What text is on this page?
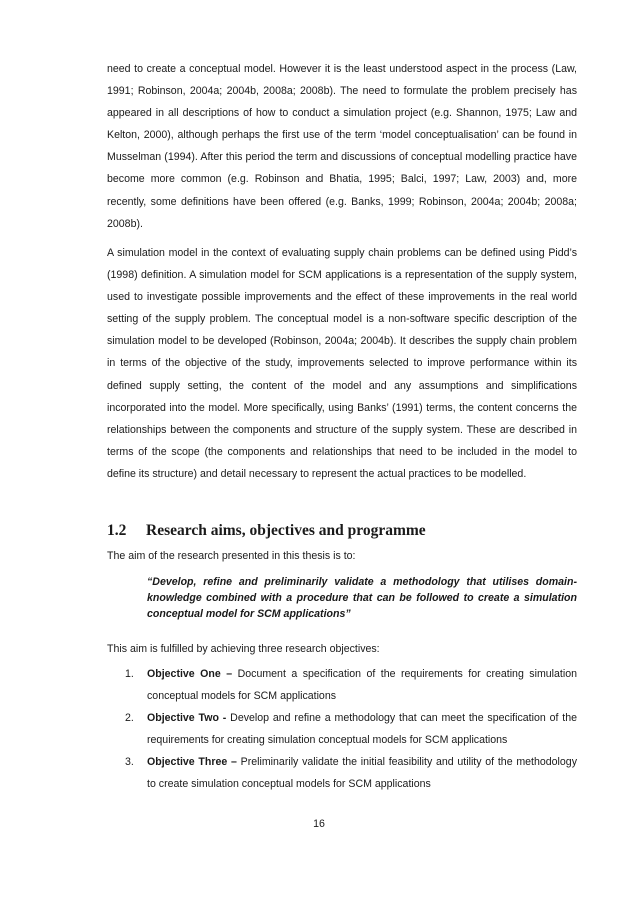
need to create a conceptual model. However it is the least understood aspect in the process (Law, 1991; Robinson, 2004a; 2004b, 2008a; 2008b). The need to formulate the problem precisely has appeared in all descriptions of how to conduct a simulation project (e.g. Shannon, 1975; Law and Kelton, 2000), although perhaps the first use of the term ‘model conceptualisation’ can be found in Musselman (1994). After this period the term and discussions of conceptual modelling practice have become more common (e.g. Robinson and Bhatia, 1995; Balci, 1997; Law, 2003) and, more recently, some definitions have been offered (e.g. Banks, 1999; Robinson, 2004a; 2004b; 2008a; 2008b).

A simulation model in the context of evaluating supply chain problems can be defined using Pidd’s (1998) definition. A simulation model for SCM applications is a representation of the supply system, used to investigate possible improvements and the effect of these improvements in the real world setting of the supply problem. The conceptual model is a non-software specific description of the simulation model to be developed (Robinson, 2004a; 2004b). It describes the supply chain problem in terms of the objective of the study, improvements selected to improve performance within its defined supply setting, the content of the model and any assumptions and simplifications incorporated into the model. More specifically, using Banks’ (1991) terms, the content concerns the relationships between the components and structure of the supply system. These are described in terms of the scope (the components and relationships that need to be included in the model to define its structure) and detail necessary to represent the actual practices to be modelled.

1.2	Research aims, objectives and programme
The aim of the research presented in this thesis is to:
“Develop, refine and preliminarily validate a methodology that utilises domain-knowledge combined with a procedure that can be followed to create a simulation conceptual model for SCM applications”
This aim is fulfilled by achieving three research objectives:
1.	Objective One – Document a specification of the requirements for creating simulation conceptual models for SCM applications
2.	Objective Two - Develop and refine a methodology that can meet the specification of the requirements for creating simulation conceptual models for SCM applications
3.	Objective Three – Preliminarily validate the initial feasibility and utility of the methodology to create simulation conceptual models for SCM applications
16
